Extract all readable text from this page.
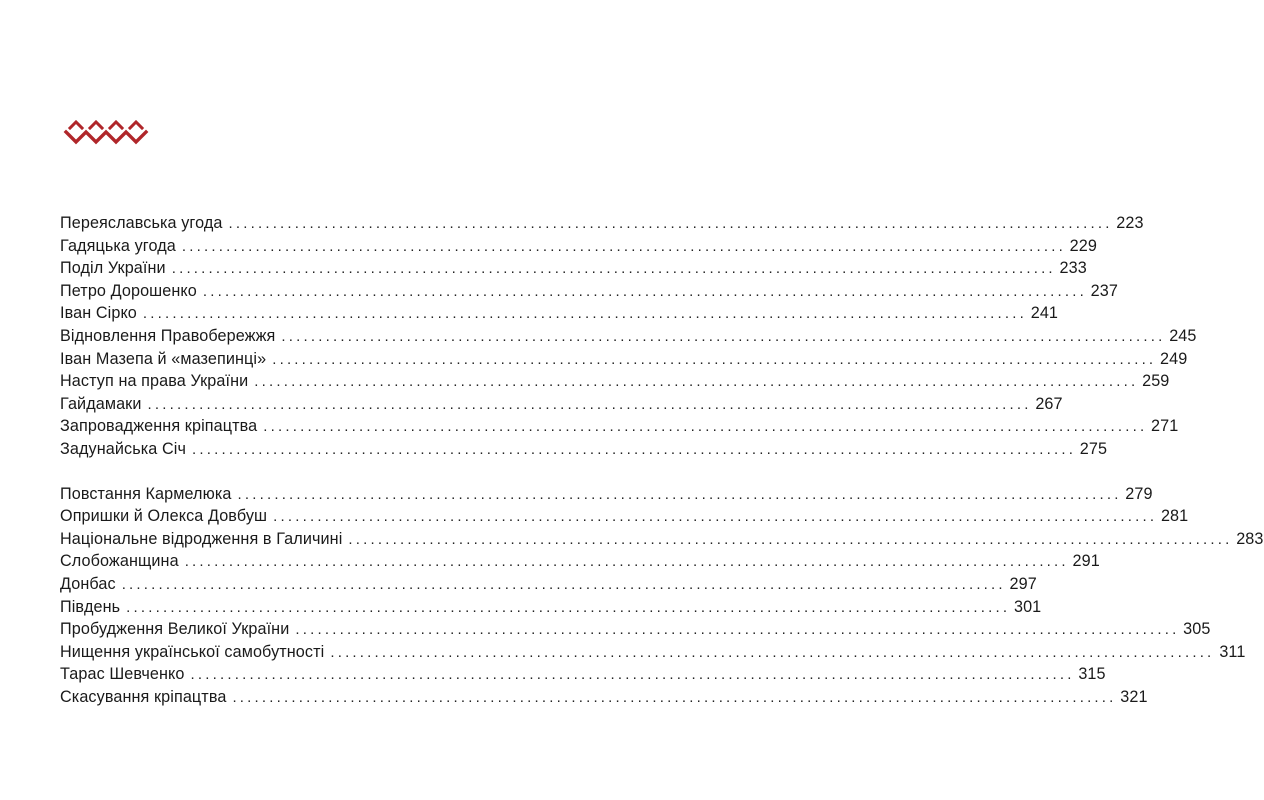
Переяславська угода ........................................................................................................................ 223
Гадяцька угода ........................................................................................................................ 229
Поділ України ........................................................................................................................ 233
Петро Дорошенко ........................................................................................................................ 237
Іван Сірко ........................................................................................................................ 241
Відновлення Правобережжя ........................................................................................................................ 245
Іван Мазепа й «мазепинці» ........................................................................................................................ 249
Наступ на права України ........................................................................................................................ 259
Гайдамаки ........................................................................................................................ 267
Запровадження кріпацтва ........................................................................................................................ 271
Задунайська Січ ........................................................................................................................ 275
Повстання Кармелюка ........................................................................................................................ 279
Опришки й Олекса Довбуш ........................................................................................................................ 281
Національне відродження в Галичині ........................................................................................................................ 283
Слобожанщина ........................................................................................................................ 291
Донбас ........................................................................................................................ 297
Південь ........................................................................................................................ 301
Пробудження Великої України ........................................................................................................................ 305
Нищення української самобутності ........................................................................................................................ 311
Тарас Шевченко ........................................................................................................................ 315
Скасування кріпацтва ........................................................................................................................ 321
